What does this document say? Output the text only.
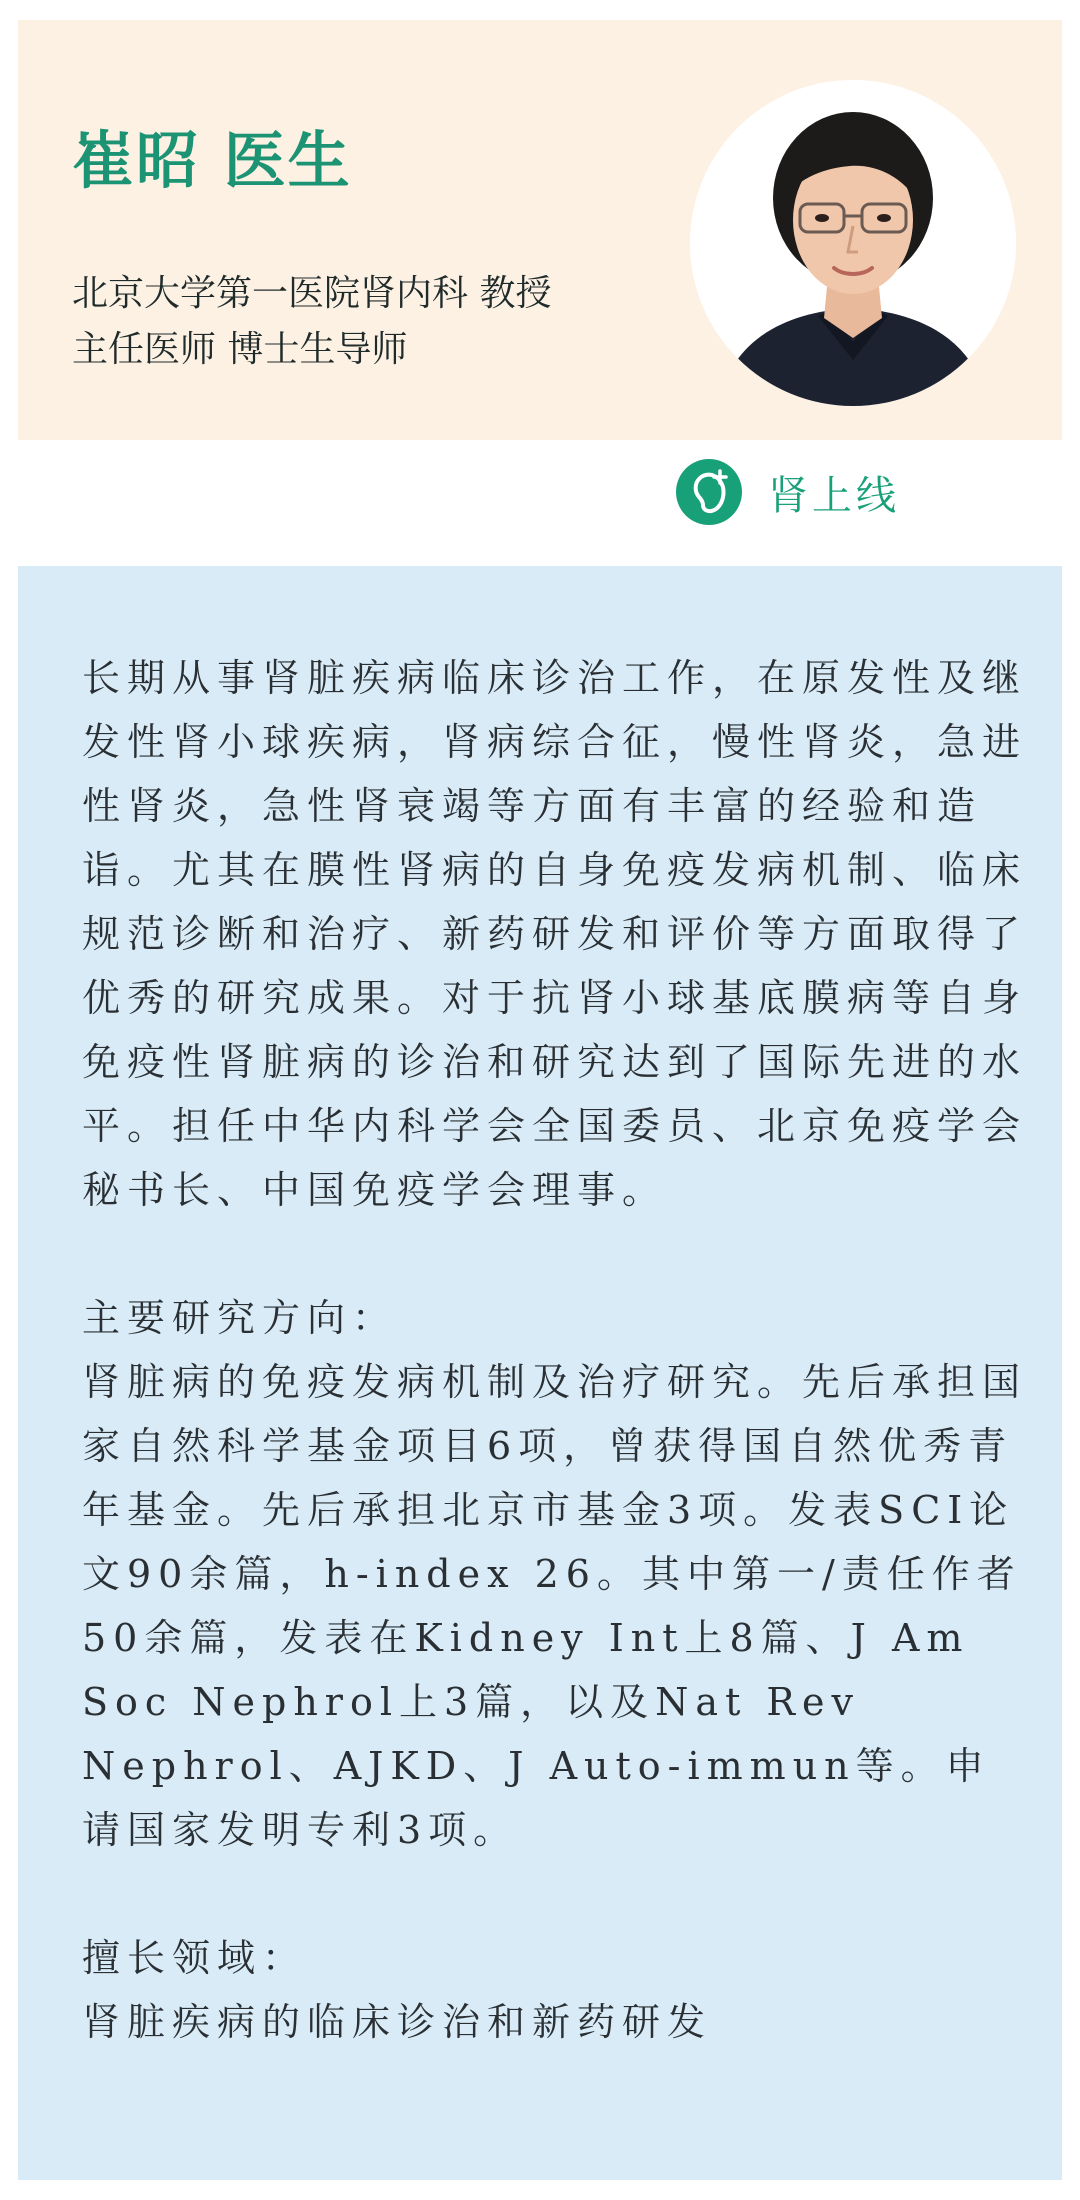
崔昭 医生
北京大学第一医院肾内科 教授
主任医师 博士生导师
肾上线

长期从事肾脏疾病临床诊治工作，在原发性及继发性肾小球疾病，肾病综合征，慢性肾炎，急进性肾炎，急性肾衰竭等方面有丰富的经验和造诣。尤其在膜性肾病的自身免疫发病机制、临床规范诊断和治疗、新药研发和评价等方面取得了优秀的研究成果。对于抗肾小球基底膜病等自身免疫性肾脏病的诊治和研究达到了国际先进的水平。担任中华内科学会全国委员、北京免疫学会秘书长、中国免疫学会理事。

主要研究方向：

肾脏病的免疫发病机制及治疗研究。先后承担国家自然科学基金项目6项，曾获得国自然优秀青年基金。先后承担北京市基金3项。发表SCI论文90余篇，h-index 26。其中第一/责任作者50余篇，发表在Kidney Int上8篇、J Am Soc Nephrol上3篇，以及Nat Rev Nephrol、AJKD、J Auto-immun等。申请国家发明专利3项。

擅长领域：

肾脏疾病的临床诊治和新药研发
